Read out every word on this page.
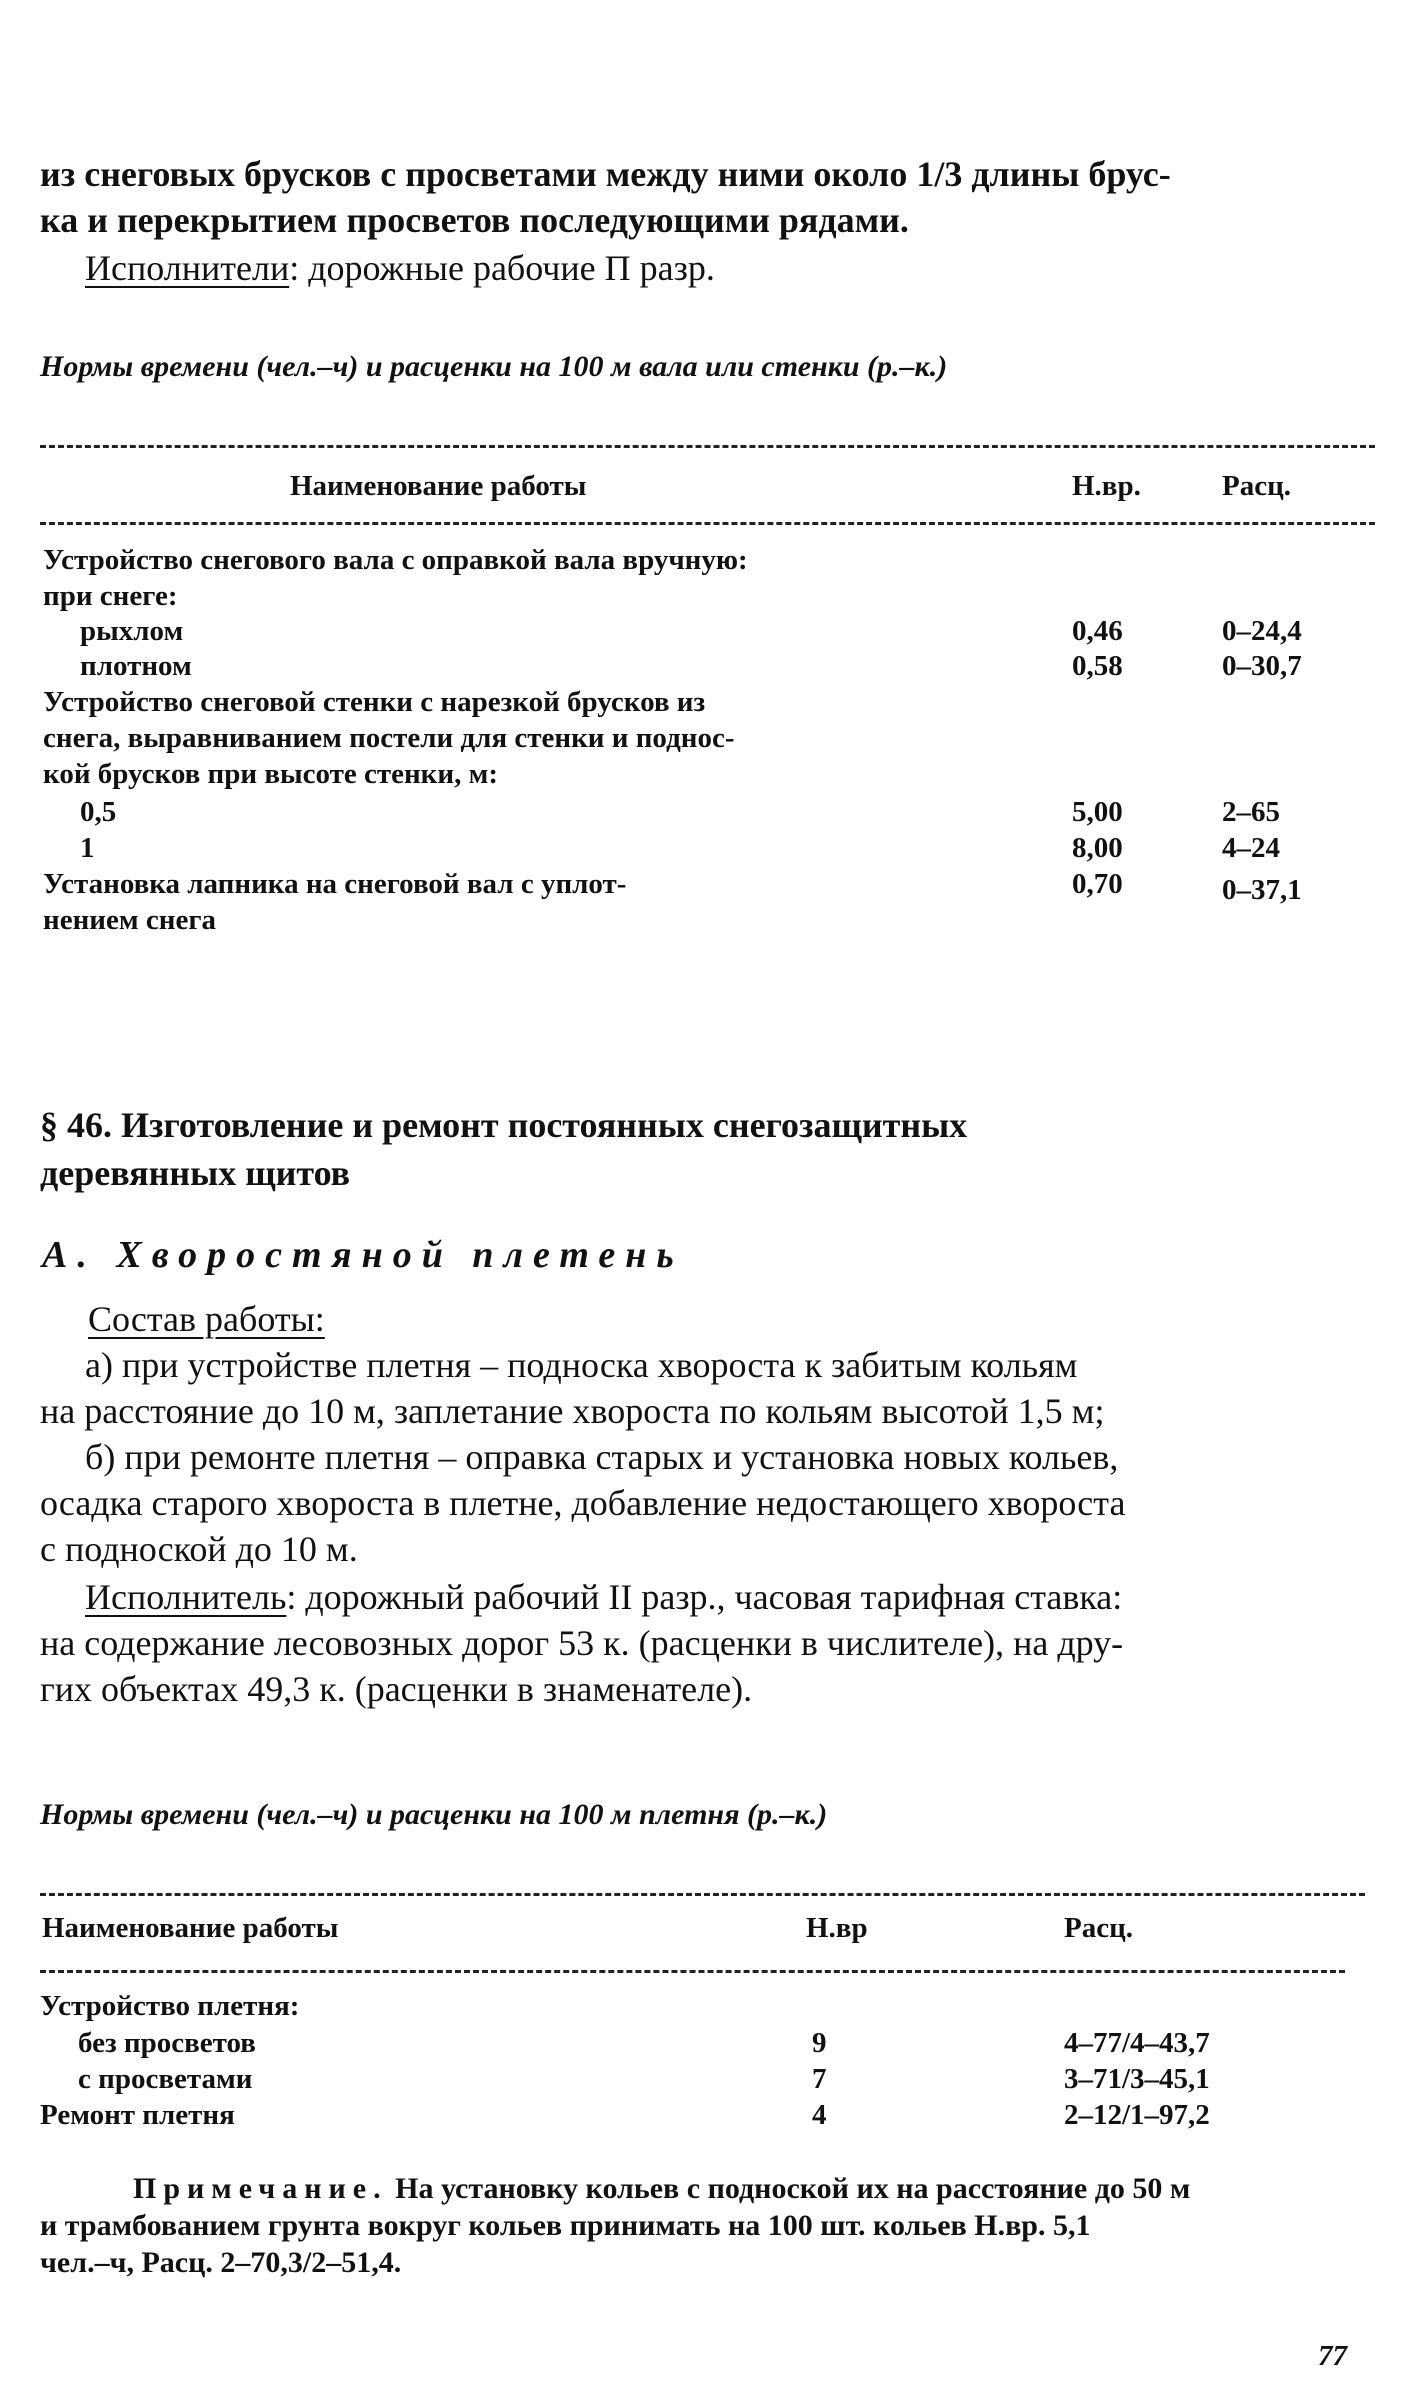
из снеговых брусков с просветами между ними около 1/3 длины брус-
ка и перекрытием просветов последующими рядами.
Исполнители: дорожные рабочие П разр.
Нормы времени (чел.–ч) и расценки на 100 м вала или стенки (р.–к.)
Наименование работы	Н.вр.	Расц.
Устройство снегового вала с оправкой вала вручную:
при снеге:
рыхлом	0,46	0–24,4
плотном	0,58	0–30,7
Устройство снеговой стенки с нарезкой брусков из
снега, выравниванием постели для стенки и поднос-
кой брусков при высоте стенки, м:
0,5	5,00	2–65
1	8,00	4–24
Установка лапника на снеговой вал с уплот-	0,70	0–37,1
нением снега
§ 46. Изготовление и ремонт постоянных снегозащитных
деревянных щитов
А. Хворостяной плетень
Состав работы:
а) при устройстве плетня – подноска хвороста к забитым кольям
на расстояние до 10 м, заплетание хвороста по кольям высотой 1,5 м;
б) при ремонте плетня – оправка старых и установка новых кольев,
осадка старого хвороста в плетне, добавление недостающего хвороста
с подноской до 10 м.
Исполнитель: дорожный рабочий II разр., часовая тарифная ставка:
на содержание лесовозных дорог 53 к. (расценки в числителе), на дру-
гих объектах 49,3 к. (расценки в знаменателе).
Нормы времени (чел.–ч) и расценки на 100 м плетня (р.–к.)
Наименование работы	Н.вр	Расц.
Устройство плетня:
без просветов	9	4–77/4–43,7
с просветами	7	3–71/3–45,1
Ремонт плетня	4	2–12/1–97,2
Примечание. На установку кольев с подноской их на расстояние до 50 м
и трамбованием грунта вокруг кольев принимать на 100 шт. кольев Н.вр. 5,1
чел.–ч, Расц. 2–70,3/2–51,4.
77
